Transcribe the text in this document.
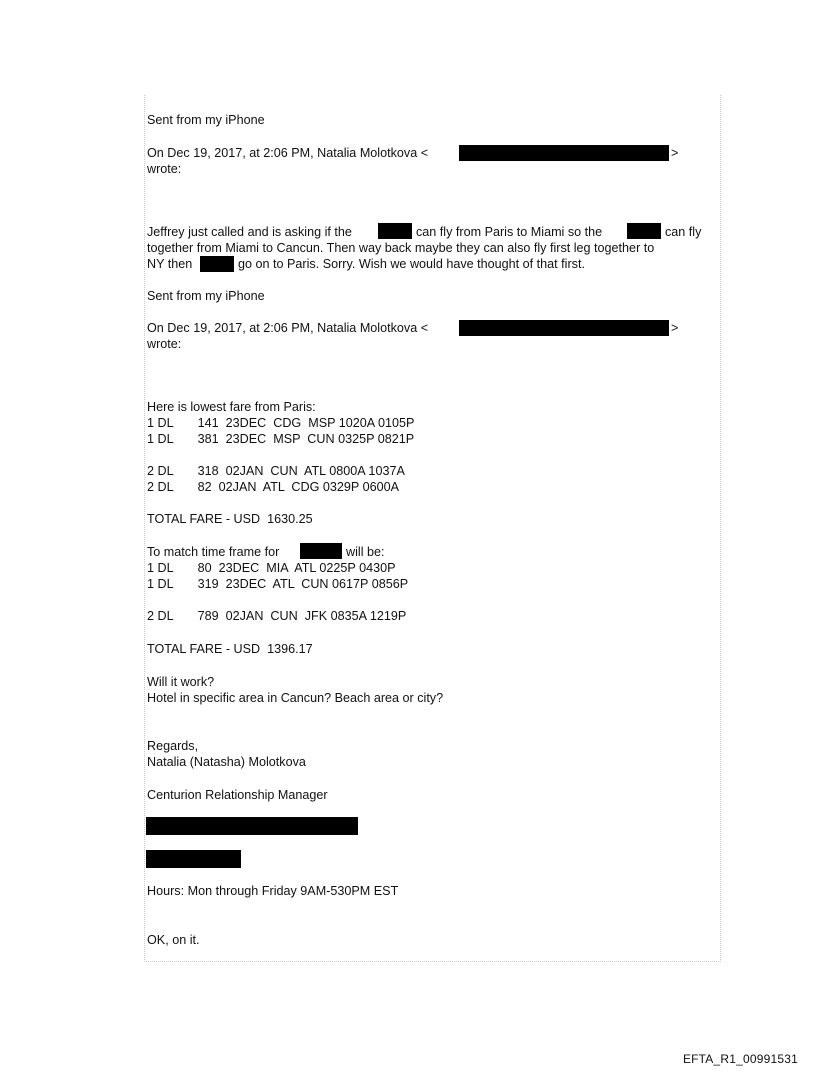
Sent from my iPhone
On Dec 19, 2017, at 2:06 PM, Natalia Molotkova <	>
wrote:
Jeffrey just called and is asking if the	can fly from Paris to Miami so the	can fly
together from Miami to Cancun. Then way back maybe they can also fly first leg together to
NY then	go on to Paris. Sorry. Wish we would have thought of that first.
Sent from my iPhone
On Dec 19, 2017, at 2:06 PM, Natalia Molotkova <	>
wrote:
Here is lowest fare from Paris:
1 DL       141  23DEC  CDG  MSP 1020A 0105P
1 DL       381  23DEC  MSP  CUN 0325P 0821P
2 DL       318  02JAN  CUN  ATL 0800A 1037A
2 DL       82  02JAN  ATL  CDG 0329P 0600A
TOTAL FARE - USD  1630.25
To match time frame for	will be:
1 DL       80  23DEC  MIA  ATL 0225P 0430P
1 DL       319  23DEC  ATL  CUN 0617P 0856P
2 DL       789  02JAN  CUN  JFK 0835A 1219P
TOTAL FARE - USD  1396.17
Will it work?
Hotel in specific area in Cancun? Beach area or city?
Regards,
Natalia (Natasha) Molotkova
Centurion Relationship Manager
Hours: Mon through Friday 9AM-530PM EST
OK, on it.
EFTA_R1_00991531
